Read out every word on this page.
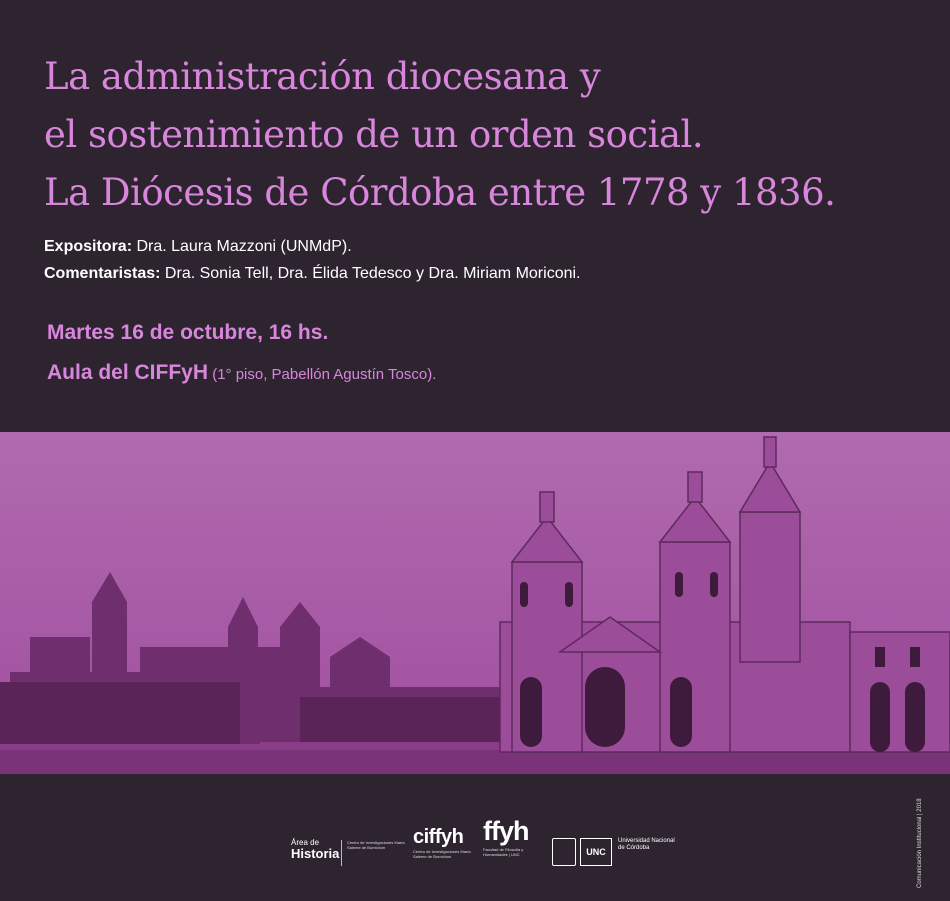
La administración diocesana y
el sostenimiento de un orden social.
La Diócesis de Córdoba entre 1778 y 1836.
Expositora: Dra. Laura Mazzoni (UNMdP).
Comentaristas: Dra. Sonia Tell, Dra. Élida Tedesco y Dra. Miriam Moriconi.
Martes 16 de octubre, 16 hs.
Aula del CIFFyH (1° piso, Pabellón Agustín Tosco).
Área de
Historia
Centro de Investigaciones María Saleme de Burnichon	ciffyh
Centro de Investigaciones María Saleme de Burnichon
ffyh
Facultad de Filosofía y Humanidades | UNC	UNC
Universidad Nacional de Córdoba	Comunicación Institucional | 2018
